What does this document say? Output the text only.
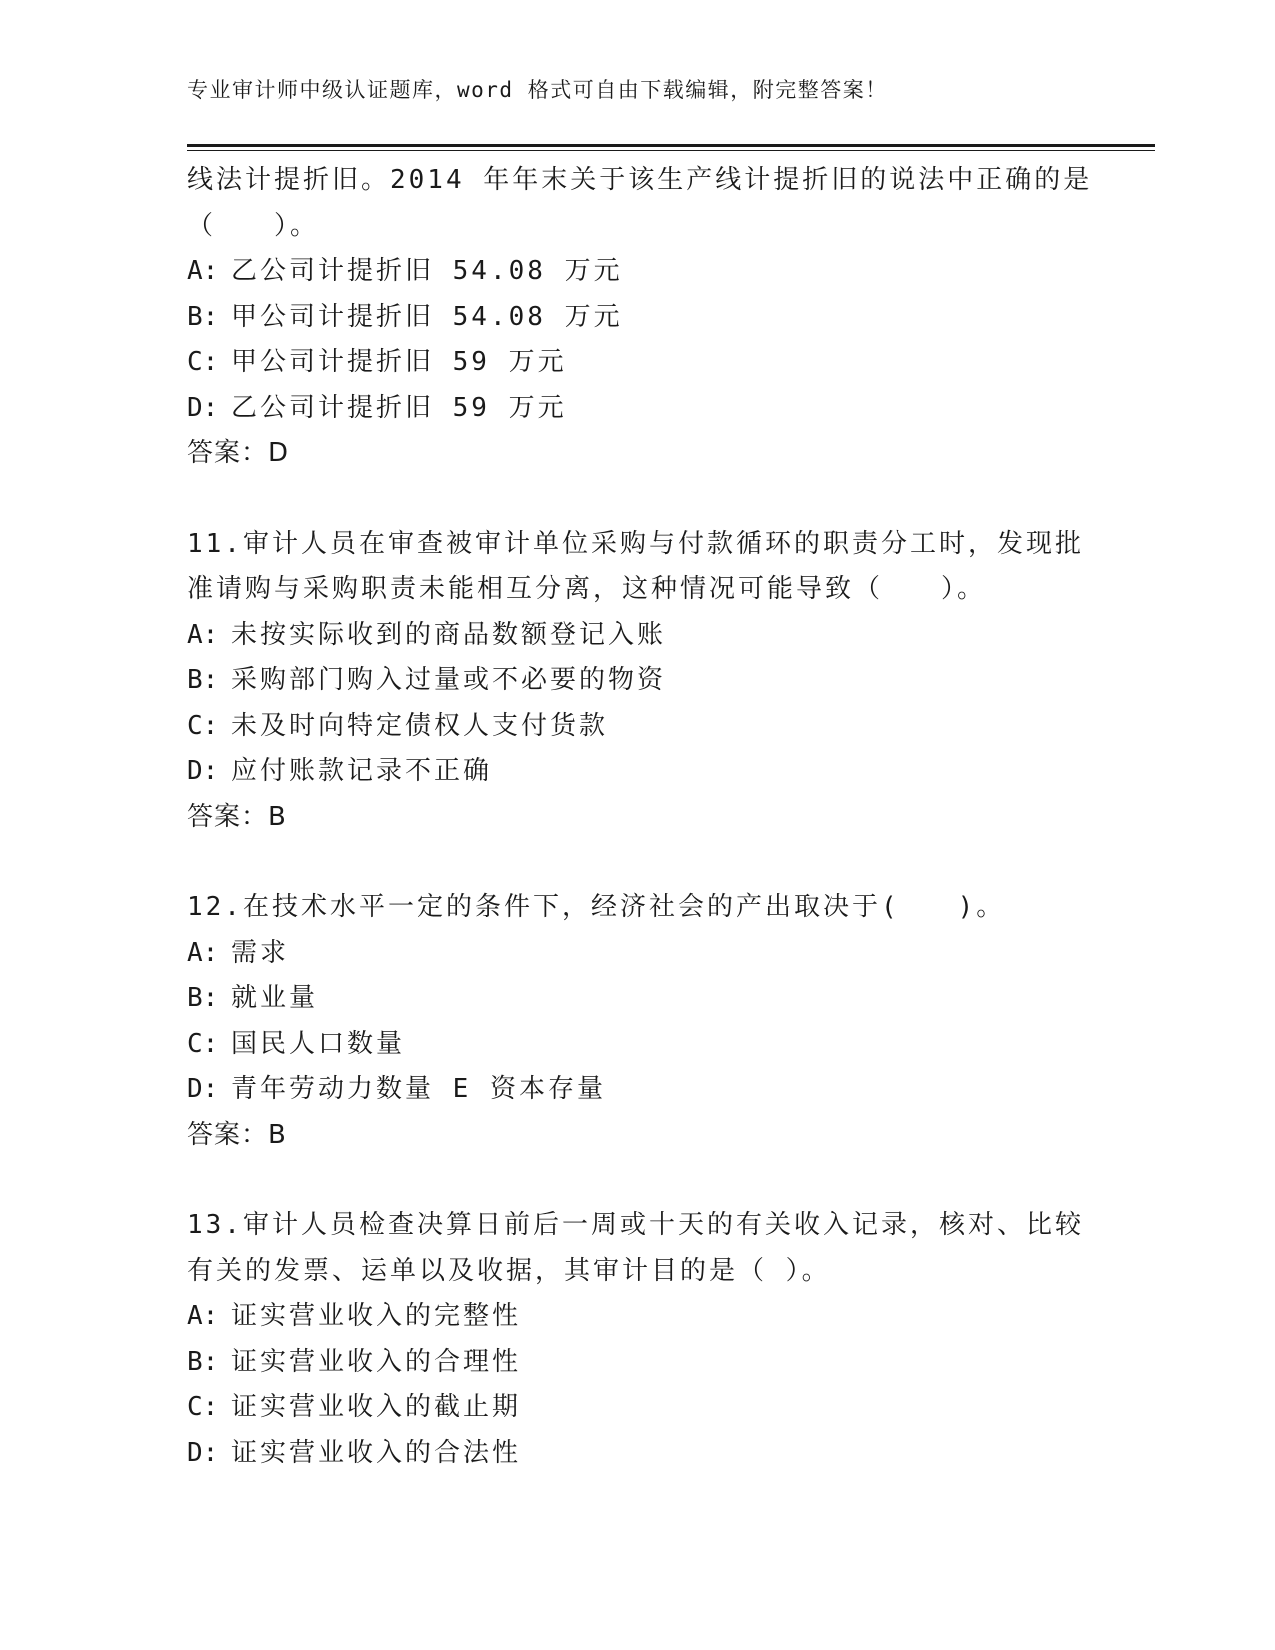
专业审计师中级认证题库，word 格式可自由下载编辑，附完整答案！
线法计提折旧。2014 年年末关于该生产线计提折旧的说法中正确的是
（　　）。
A: 乙公司计提折旧 54.08 万元
B: 甲公司计提折旧 54.08 万元
C: 甲公司计提折旧 59 万元
D: 乙公司计提折旧 59 万元
答案：D
11.审计人员在审查被审计单位采购与付款循环的职责分工时，发现批
准请购与采购职责未能相互分离，这种情况可能导致（　　）。
A: 未按实际收到的商品数额登记入账
B: 采购部门购入过量或不必要的物资
C: 未及时向特定债权人支付货款
D: 应付账款记录不正确
答案：B
12.在技术水平一定的条件下，经济社会的产出取决于(　　)。
A: 需求
B: 就业量
C: 国民人口数量
D: 青年劳动力数量 E 资本存量
答案：B
13.审计人员检查决算日前后一周或十天的有关收入记录，核对、比较
有关的发票、运单以及收据，其审计目的是（ ）。
A: 证实营业收入的完整性
B: 证实营业收入的合理性
C: 证实营业收入的截止期
D: 证实营业收入的合法性
